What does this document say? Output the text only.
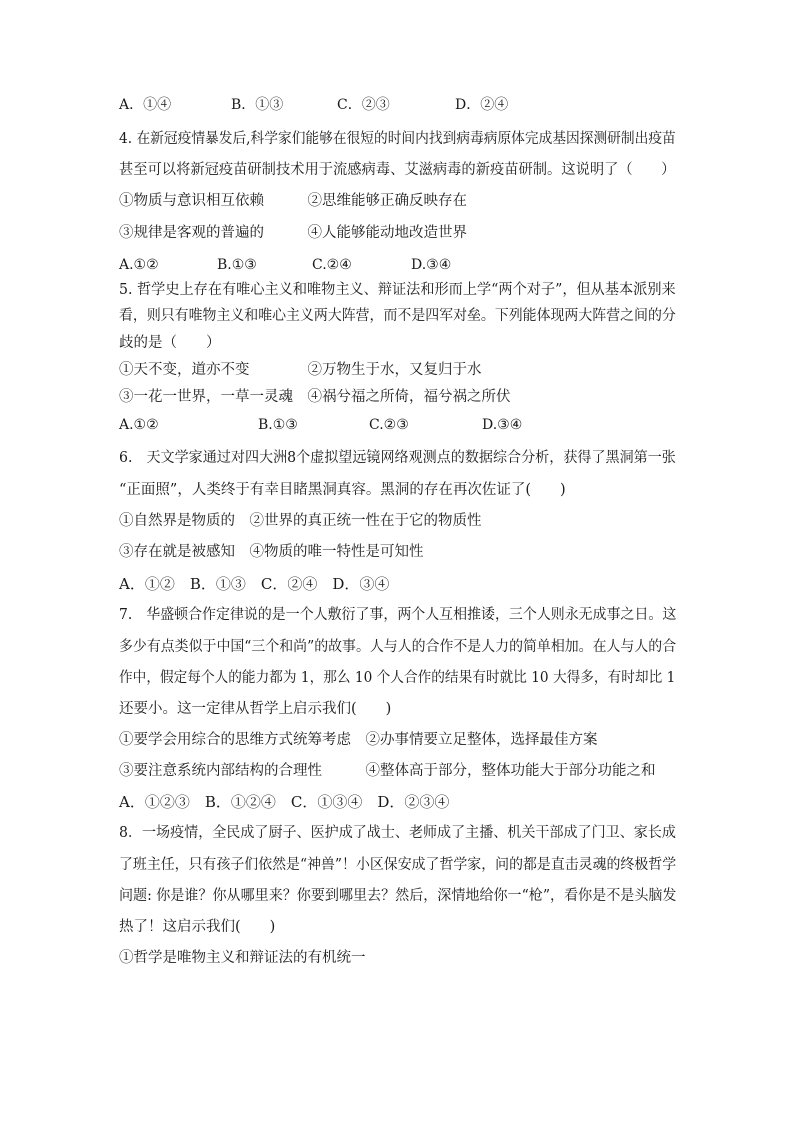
A．①④	B．①③	C．②③	D．②④
4. 在新冠疫情暴发后,科学家们能够在很短的时间内找到病毒病原体完成基因探测研制出疫苗
甚至可以将新冠疫苗研制技术用于流感病毒、艾滋病毒的新疫苗研制。这说明了（　　）
①物质与意识相互依赖　　　②思维能够正确反映存在
③规律是客观的普遍的　　　④人能够能动地改造世界
A.①②	B.①③	C.②④	D.③④
5. 哲学史上存在有唯心主义和唯物主义、辩证法和形而上学“两个对子”，但从基本派别来
看，则只有唯物主义和唯心主义两大阵营，而不是四军对垒。下列能体现两大阵营之间的分
歧的是（　　）
①天不变，道亦不变　　　　②万物生于水，又复归于水
③一花一世界，一草一灵魂　④祸兮福之所倚，福兮祸之所伏
A.①②	B.①③	C.②③	D.③④
6.　天文学家通过对四大洲8个虚拟望远镜网络观测点的数据综合分析，获得了黑洞第一张
“正面照”，人类终于有幸目睹黑洞真容。黑洞的存在再次佐证了(　　)
①自然界是物质的　②世界的真正统一性在于它的物质性
③存在就是被感知　④物质的唯一特性是可知性
A．①②　B．①③　C．②④　D．③④
7.　华盛顿合作定律说的是一个人敷衍了事，两个人互相推诿，三个人则永无成事之日。这
多少有点类似于中国“三个和尚”的故事。人与人的合作不是人力的简单相加。在人与人的合
作中，假定每个人的能力都为 1，那么 10 个人合作的结果有时就比 10 大得多，有时却比 1
还要小。这一定律从哲学上启示我们(　　)
①要学会用综合的思维方式统筹考虑　②办事情要立足整体，选择最佳方案
③要注意系统内部结构的合理性　　　④整体高于部分，整体功能大于部分功能之和
A．①②③　B．①②④　C．①③④　D．②③④
8．一场疫情，全民成了厨子、医护成了战士、老师成了主播、机关干部成了门卫、家长成
了班主任，只有孩子们依然是“神兽”！小区保安成了哲学家，问的都是直击灵魂的终极哲学
问题: 你是谁？你从哪里来？你要到哪里去？然后，深情地给你一“枪”，看你是不是头脑发
热了！这启示我们(　　)
①哲学是唯物主义和辩证法的有机统一
